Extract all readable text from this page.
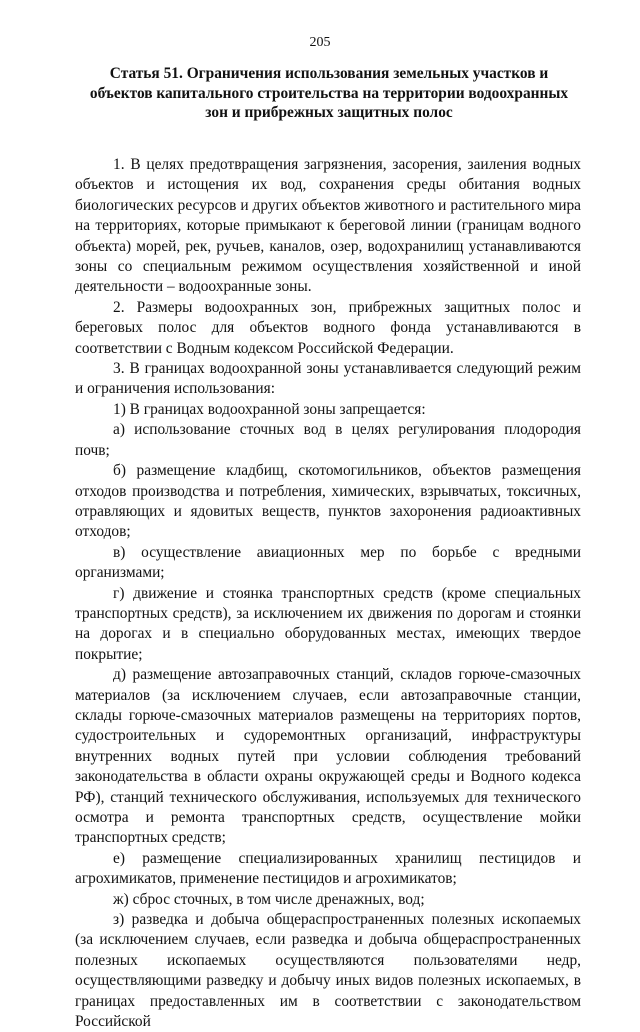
205
Статья 51. Ограничения использования земельных участков и объектов капитального строительства на территории водоохранных зон и прибрежных защитных полос

1. В целях предотвращения загрязнения, засорения, заиления водных объектов и истощения их вод, сохранения среды обитания водных биологических ресурсов и других объектов животного и растительного мира на территориях, которые примыкают к береговой линии (границам водного объекта) морей, рек, ручьев, каналов, озер, водохранилищ устанавливаются зоны со специальным режимом осуществления хозяйственной и иной деятельности – водоохранные зоны.

2. Размеры водоохранных зон, прибрежных защитных полос и береговых полос для объектов водного фонда устанавливаются в соответствии с Водным кодексом Российской Федерации.

3. В границах водоохранной зоны устанавливается следующий режим и ограничения использования:

1) В границах водоохранной зоны запрещается:

а) использование сточных вод в целях регулирования плодородия почв;

б) размещение кладбищ, скотомогильников, объектов размещения отходов производства и потребления, химических, взрывчатых, токсичных, отравляющих и ядовитых веществ, пунктов захоронения радиоактивных отходов;

в) осуществление авиационных мер по борьбе с вредными организмами;

г) движение и стоянка транспортных средств (кроме специальных транспортных средств), за исключением их движения по дорогам и стоянки на дорогах и в специально оборудованных местах, имеющих твердое покрытие;

д) размещение автозаправочных станций, складов горюче-смазочных материалов (за исключением случаев, если автозаправочные станции, склады горюче-смазочных материалов размещены на территориях портов, судостроительных и судоремонтных организаций, инфраструктуры внутренних водных путей при условии соблюдения требований законодательства в области охраны окружающей среды и Водного кодекса РФ), станций технического обслуживания, используемых для технического осмотра и ремонта транспортных средств, осуществление мойки транспортных средств;

е) размещение специализированных хранилищ пестицидов и агрохимикатов, применение пестицидов и агрохимикатов;

ж) сброс сточных, в том числе дренажных, вод;

з) разведка и добыча общераспространенных полезных ископаемых (за исключением случаев, если разведка и добыча общераспространенных полезных ископаемых осуществляются пользователями недр, осуществляющими разведку и добычу иных видов полезных ископаемых, в границах предоставленных им в соответствии с законодательством Российской
